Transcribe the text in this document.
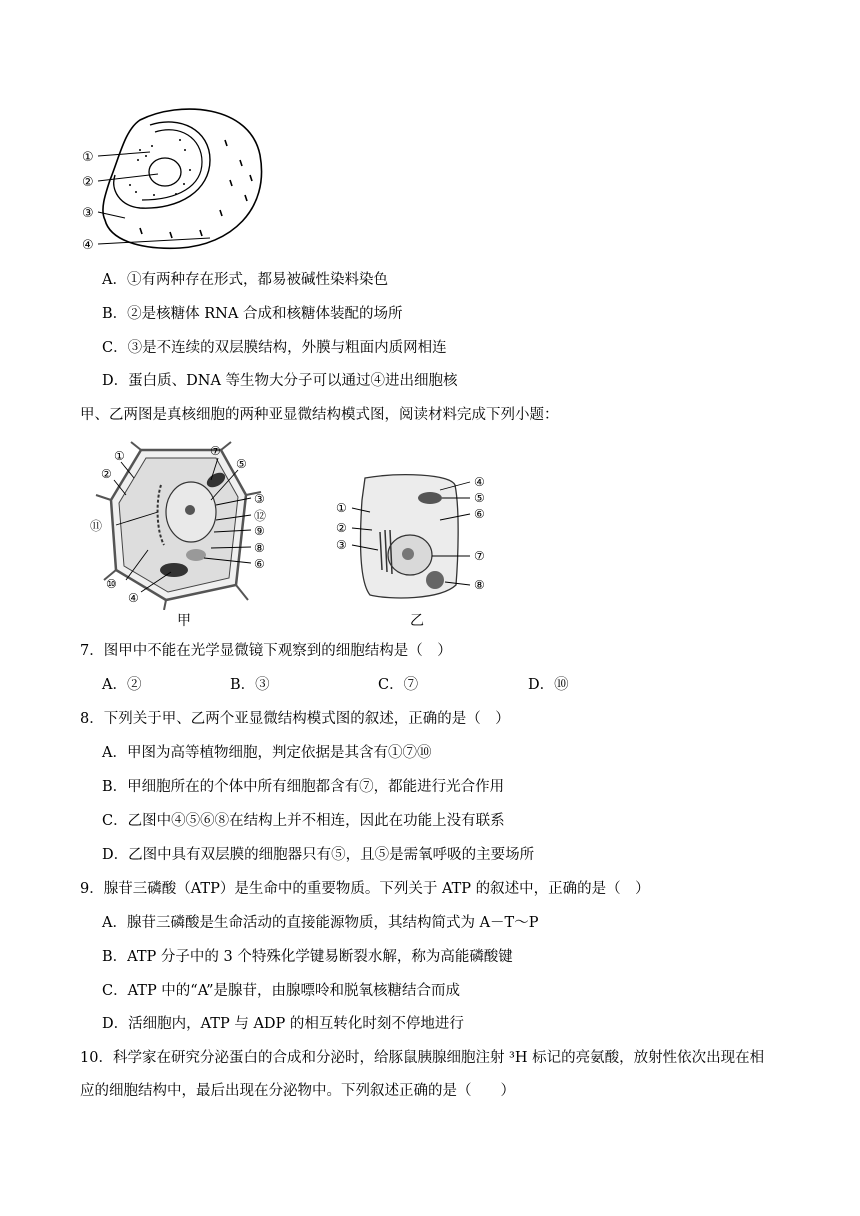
①
②
③
④
A．①有两种存在形式，都易被碱性染料染色
B．②是核糖体 RNA 合成和核糖体装配的场所
C．③是不连续的双层膜结构，外膜与粗面内质网相连
D．蛋白质、DNA 等生物大分子可以通过④进出细胞核
甲、乙两图是真核细胞的两种亚显微结构模式图，阅读材料完成下列小题：
①
②
⑦
⑤
③
⑫
⑨
⑧
⑥
⑪
⑩
④
甲
④
⑤
⑥
①
②
③
⑦
⑧
乙
7．图甲中不能在光学显微镜下观察到的细胞结构是（　）
A．②	B．③	C．⑦	D．⑩
8．下列关于甲、乙两个亚显微结构模式图的叙述，正确的是（　）
A．甲图为高等植物细胞，判定依据是其含有①⑦⑩
B．甲细胞所在的个体中所有细胞都含有⑦，都能进行光合作用
C．乙图中④⑤⑥⑧在结构上并不相连，因此在功能上没有联系
D．乙图中具有双层膜的细胞器只有⑤，且⑤是需氧呼吸的主要场所
9．腺苷三磷酸（ATP）是生命中的重要物质。下列关于 ATP 的叙述中，正确的是（　）
A．腺苷三磷酸是生命活动的直接能源物质，其结构简式为 A－T～P
B．ATP 分子中的 3 个特殊化学键易断裂水解，称为高能磷酸键
C．ATP 中的“A”是腺苷，由腺嘌呤和脱氧核糖结合而成
D．活细胞内，ATP 与 ADP 的相互转化时刻不停地进行
10．科学家在研究分泌蛋白的合成和分泌时，给豚鼠胰腺细胞注射 ³H 标记的亮氨酸，放射性依次出现在相
应的细胞结构中，最后出现在分泌物中。下列叙述正确的是（　　）
